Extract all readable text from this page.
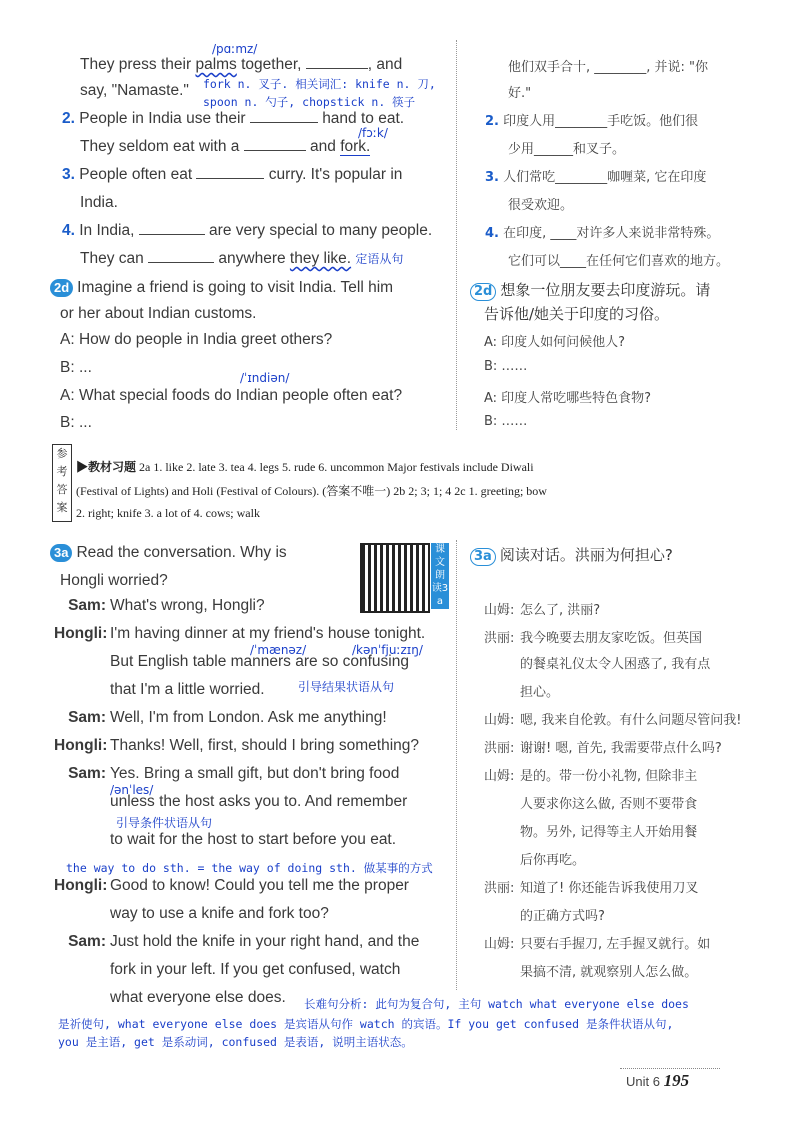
/pɑːmz/
They press their palms together,	, and
say, "Namaste." fork n. 叉子. 相关词汇: knife n. 刀,
spoon n. 勺子, chopstick n. 筷子
2. People in India use their	hand to eat.
/fɔːk/
They seldom eat with a	and fork.
3. People often eat	curry. It's popular in
India.
4. In India,	are very special to many people.
They can	anywhere they like. 定语从句
他们双手合十, ________, 并说: "你
好."
2. 印度人用________手吃饭。他们很
少用______和叉子。
3. 人们常吃________咖喱菜, 它在印度
很受欢迎。
4. 在印度, ____对许多人来说非常特殊。
它们可以____在任何它们喜欢的地方。
2d Imagine a friend is going to visit India. Tell him
or her about Indian customs.
A: How do people in India greet others?
B: ...
/ˈɪndiən/
A: What special foods do Indian people often eat?
B: ...
2d 想象一位朋友要去印度游玩。请
告诉他/她关于印度的习俗。
A: 印度人如何问候他人?
B: ……
A: 印度人常吃哪些特色食物?
B: ……
参考答案
▶教材习题 2a 1. like 2. late 3. tea 4. legs 5. rude 6. uncommon Major festivals include Diwali
(Festival of Lights) and Holi (Festival of Colours). (答案不唯一) 2b 2; 3; 1; 4 2c 1. greeting; bow
2. right; knife 3. a lot of 4. cows; walk
3a Read the conversation. Why is
Hongli worried?
课文朗读3a
Sam: What's wrong, Hongli?
Hongli: I'm having dinner at my friend's house tonight.
But English table manners are so confusing
that I'm a little worried.
Sam: Well, I'm from London. Ask me anything!
Hongli: Thanks! Well, first, should I bring something?
Sam: Yes. Bring a small gift, but don't bring food
unless the host asks you to. And remember
to wait for the host to start before you eat.
Hongli: Good to know! Could you tell me the proper
way to use a knife and fork too?
Sam: Just hold the knife in your right hand, and the
fork in your left. If you get confused, watch
what everyone else does.
/ˈmænəz/	/kənˈfjuːzɪŋ/
引导结果状语从句
/ənˈles/
引导条件状语从句
the way to do sth. = the way of doing sth. 做某事的方式
长难句分析: 此句为复合句, 主句 watch what everyone else does
是祈使句, what everyone else does 是宾语从句作 watch 的宾语。If you get confused 是条件状语从句,
you 是主语, get 是系动词, confused 是表语, 说明主语状态。
3a 阅读对话。洪丽为何担心?
山姆: 怎么了, 洪丽?
洪丽: 我今晚要去朋友家吃饭。但英国
的餐桌礼仪太令人困惑了, 我有点
担心。
山姆: 嗯, 我来自伦敦。有什么问题尽管问我!
洪丽: 谢谢! 嗯, 首先, 我需要带点什么吗?
山姆: 是的。带一份小礼物, 但除非主
人要求你这么做, 否则不要带食
物。另外, 记得等主人开始用餐
后你再吃。
洪丽: 知道了! 你还能告诉我使用刀叉
的正确方式吗?
山姆: 只要右手握刀, 左手握叉就行。如
果搞不清, 就观察别人怎么做。
Unit 6 195
